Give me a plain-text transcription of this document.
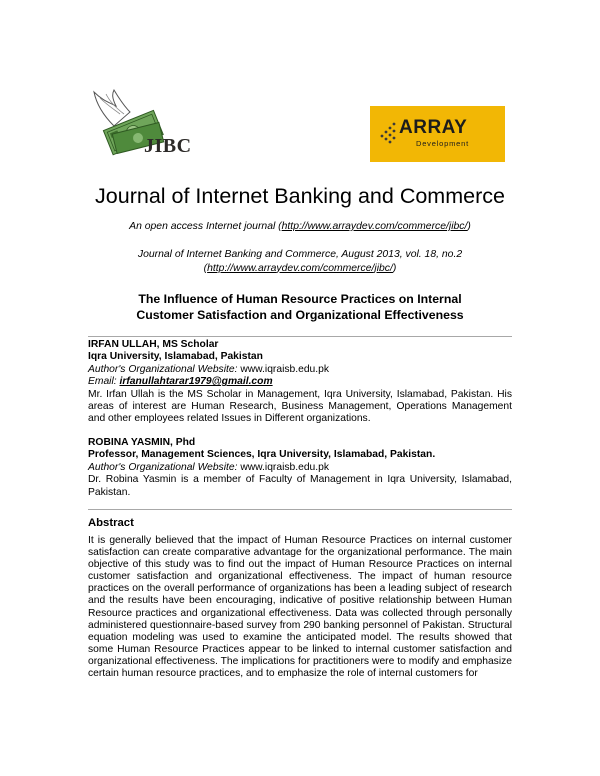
JIBC
ARRAY
Development
Journal of Internet Banking and Commerce
An open access Internet journal (http://www.arraydev.com/commerce/jibc/)
Journal of Internet Banking and Commerce, August 2013, vol. 18, no.2
(http://www.arraydev.com/commerce/jibc/)
The Influence of Human Resource Practices on Internal
Customer Satisfaction and Organizational Effectiveness
IRFAN ULLAH, MS Scholar
Iqra University, Islamabad, Pakistan
Author's Organizational Website: www.iqraisb.edu.pk
Email: irfanullahtarar1979@gmail.com
Mr. Irfan Ullah is the MS Scholar in Management, Iqra University, Islamabad, Pakistan. His areas of interest are Human Research, Business Management, Operations Management and other employees related Issues in Different organizations.
ROBINA YASMIN, Phd
Professor, Management Sciences, Iqra University, Islamabad, Pakistan.
Author's Organizational Website: www.iqraisb.edu.pk
Dr. Robina Yasmin is a member of Faculty of Management in Iqra University, Islamabad, Pakistan.
Abstract
It is generally believed that the impact of Human Resource Practices on internal customer satisfaction can create comparative advantage for the organizational performance. The main objective of this study was to find out the impact of Human Resource Practices on internal customer satisfaction and organizational effectiveness. The impact of human resource practices on the overall performance of organizations has been a leading subject of research and the results have been encouraging, indicative of positive relationship between Human Resource practices and organizational effectiveness. Data was collected through personally administered questionnaire-based survey from 290 banking personnel of Pakistan. Structural equation modeling was used to examine the anticipated model. The results showed that some Human Resource Practices appear to be linked to internal customer satisfaction and organizational effectiveness. The implications for practitioners were to modify and emphasize certain human resource practices, and to emphasize the role of internal customers for
